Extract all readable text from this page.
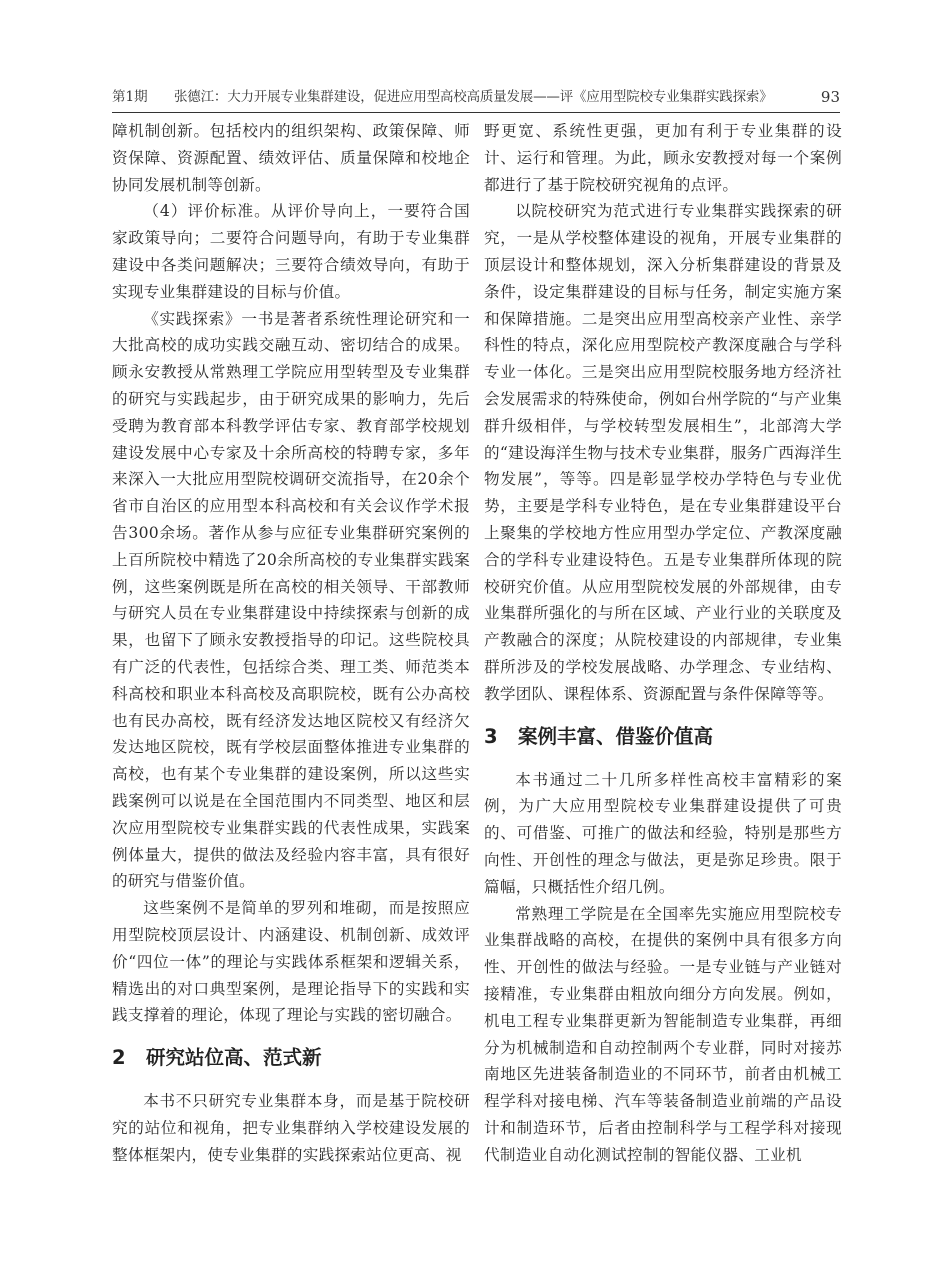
第1期 张德江：大力开展专业集群建设，促进应用型高校高质量发展——评《应用型院校专业集群实践探索》	93

障机制创新。包括校内的组织架构、政策保障、师资保障、资源配置、绩效评估、质量保障和校地企协同发展机制等创新。

（4）评价标准。从评价导向上，一要符合国家政策导向；二要符合问题导向，有助于专业集群建设中各类问题解决；三要符合绩效导向，有助于实现专业集群建设的目标与价值。

《实践探索》一书是著者系统性理论研究和一大批高校的成功实践交融互动、密切结合的成果。顾永安教授从常熟理工学院应用型转型及专业集群的研究与实践起步，由于研究成果的影响力，先后受聘为教育部本科教学评估专家、教育部学校规划建设发展中心专家及十余所高校的特聘专家，多年来深入一大批应用型院校调研交流指导，在20余个省市自治区的应用型本科高校和有关会议作学术报告300余场。著作从参与应征专业集群研究案例的上百所院校中精选了20余所高校的专业集群实践案例，这些案例既是所在高校的相关领导、干部教师与研究人员在专业集群建设中持续探索与创新的成果，也留下了顾永安教授指导的印记。这些院校具有广泛的代表性，包括综合类、理工类、师范类本科高校和职业本科高校及高职院校，既有公办高校也有民办高校，既有经济发达地区院校又有经济欠发达地区院校，既有学校层面整体推进专业集群的高校，也有某个专业集群的建设案例，所以这些实践案例可以说是在全国范围内不同类型、地区和层次应用型院校专业集群实践的代表性成果，实践案例体量大，提供的做法及经验内容丰富，具有很好的研究与借鉴价值。

这些案例不是简单的罗列和堆砌，而是按照应用型院校顶层设计、内涵建设、机制创新、成效评价“四位一体”的理论与实践体系框架和逻辑关系，精选出的对口典型案例，是理论指导下的实践和实践支撑着的理论，体现了理论与实践的密切融合。

2 研究站位高、范式新

本书不只研究专业集群本身，而是基于院校研究的站位和视角，把专业集群纳入学校建设发展的整体框架内，使专业集群的实践探索站位更高、视

野更宽、系统性更强，更加有利于专业集群的设计、运行和管理。为此，顾永安教授对每一个案例都进行了基于院校研究视角的点评。

以院校研究为范式进行专业集群实践探索的研究，一是从学校整体建设的视角，开展专业集群的顶层设计和整体规划，深入分析集群建设的背景及条件，设定集群建设的目标与任务，制定实施方案和保障措施。二是突出应用型高校亲产业性、亲学科性的特点，深化应用型院校产教深度融合与学科专业一体化。三是突出应用型院校服务地方经济社会发展需求的特殊使命，例如台州学院的“与产业集群升级相伴，与学校转型发展相生”，北部湾大学的“建设海洋生物与技术专业集群，服务广西海洋生物发展”，等等。四是彰显学校办学特色与专业优势，主要是学科专业特色，是在专业集群建设平台上聚集的学校地方性应用型办学定位、产教深度融合的学科专业建设特色。五是专业集群所体现的院校研究价值。从应用型院校发展的外部规律，由专业集群所强化的与所在区域、产业行业的关联度及产教融合的深度；从院校建设的内部规律，专业集群所涉及的学校发展战略、办学理念、专业结构、教学团队、课程体系、资源配置与条件保障等等。

3 案例丰富、借鉴价值高

本书通过二十几所多样性高校丰富精彩的案例，为广大应用型院校专业集群建设提供了可贵的、可借鉴、可推广的做法和经验，特别是那些方向性、开创性的理念与做法，更是弥足珍贵。限于篇幅，只概括性介绍几例。

常熟理工学院是在全国率先实施应用型院校专业集群战略的高校，在提供的案例中具有很多方向性、开创性的做法与经验。一是专业链与产业链对接精准，专业集群由粗放向细分方向发展。例如，机电工程专业集群更新为智能制造专业集群，再细分为机械制造和自动控制两个专业群，同时对接苏南地区先进装备制造业的不同环节，前者由机械工程学科对接电梯、汽车等装备制造业前端的产品设计和制造环节，后者由控制科学与工程学科对接现代制造业自动化测试控制的智能仪器、工业机
